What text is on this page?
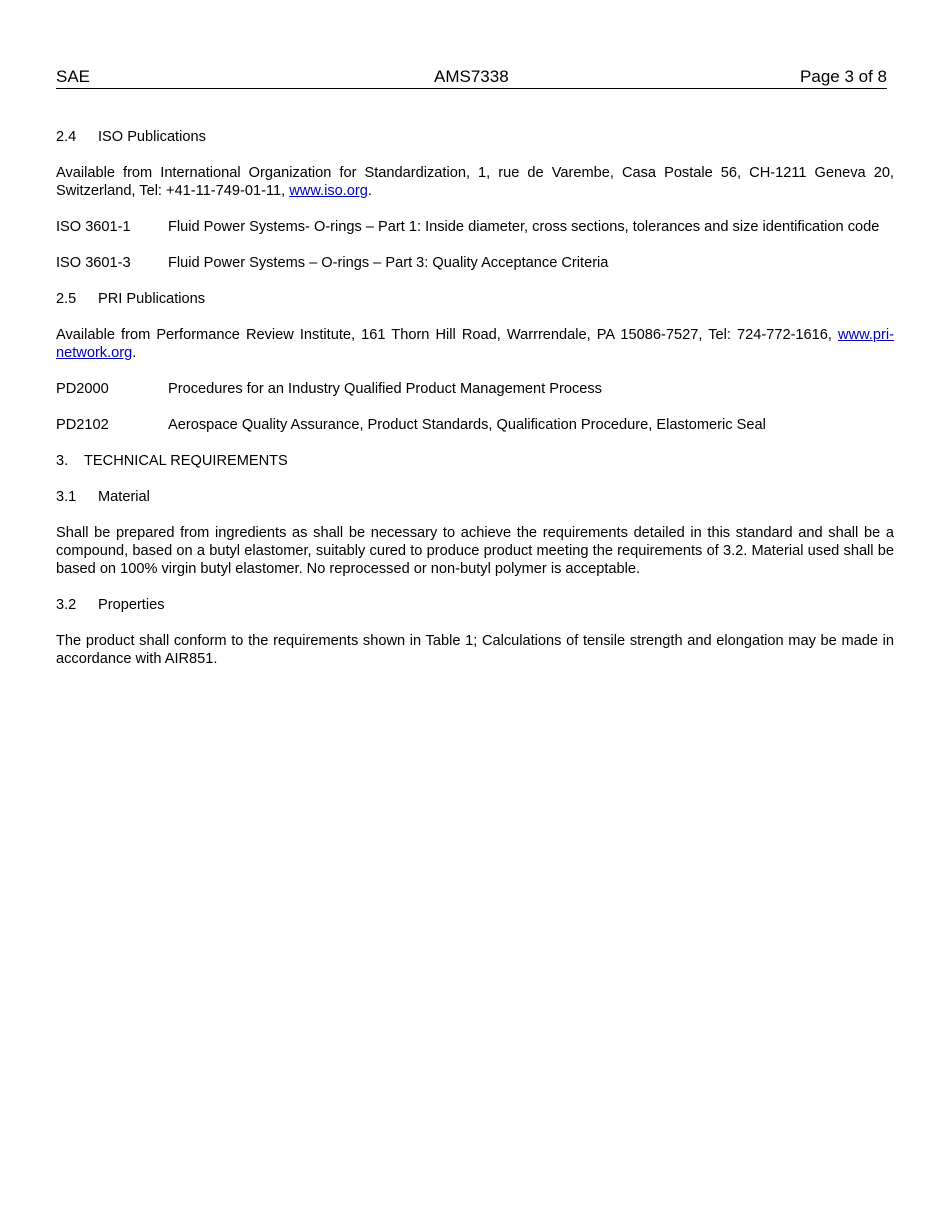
SAE	AMS7338	Page 3 of 8
2.4 ISO Publications
Available from International Organization for Standardization, 1, rue de Varembe, Casa Postale 56, CH-1211 Geneva 20, Switzerland, Tel: +41-11-749-01-11, www.iso.org.
ISO 3601-1	Fluid Power Systems- O-rings – Part 1: Inside diameter, cross sections, tolerances and size identification code
ISO 3601-3	Fluid Power Systems – O-rings – Part 3: Quality Acceptance Criteria
2.5 PRI Publications
Available from Performance Review Institute, 161 Thorn Hill Road, Warrrendale, PA 15086-7527, Tel: 724-772-1616, www.pri-network.org.
PD2000	Procedures for an Industry Qualified Product Management Process
PD2102	Aerospace Quality Assurance, Product Standards, Qualification Procedure, Elastomeric Seal
3. TECHNICAL REQUIREMENTS
3.1 Material
Shall be prepared from ingredients as shall be necessary to achieve the requirements detailed in this standard and shall be a compound, based on a butyl elastomer, suitably cured to produce product meeting the requirements of 3.2. Material used shall be based on 100% virgin butyl elastomer. No reprocessed or non-butyl polymer is acceptable.
3.2 Properties
The product shall conform to the requirements shown in Table 1; Calculations of tensile strength and elongation may be made in accordance with AIR851.
